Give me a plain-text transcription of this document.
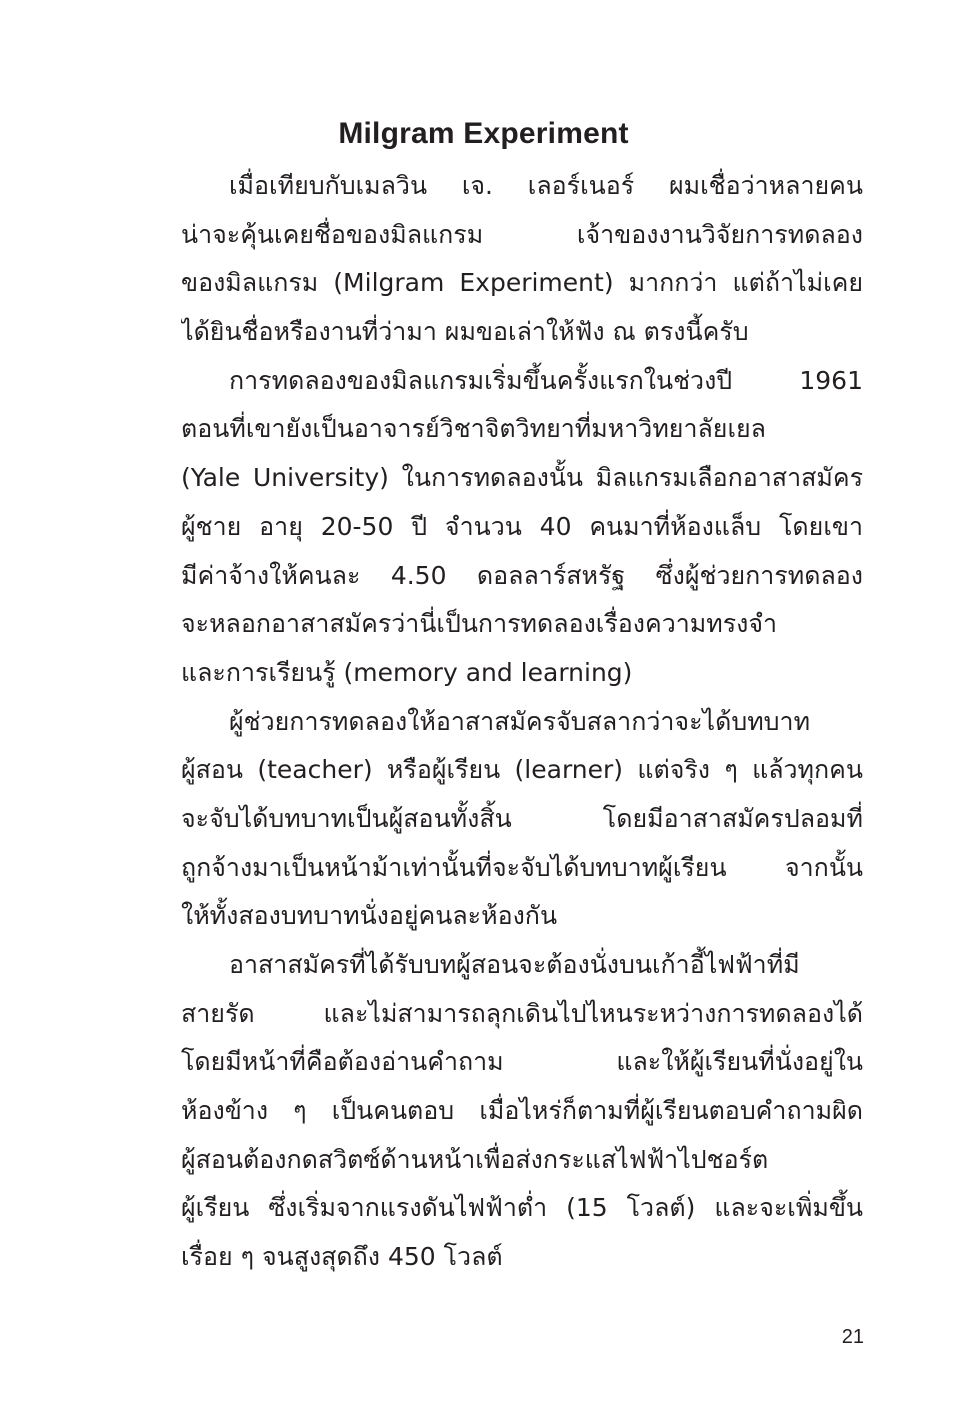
Milgram Experiment
เมื่อเทียบกับเมลวิน เจ. เลอร์เนอร์ ผมเชื่อว่าหลายคน
น่าจะคุ้นเคยชื่อของมิลแกรม เจ้าของงานวิจัยการทดลอง
ของมิลแกรม (Milgram Experiment) มากกว่า แต่ถ้าไม่เคย
ได้ยินชื่อหรืองานที่ว่ามา ผมขอเล่าให้ฟัง ณ ตรงนี้ครับ
การทดลองของมิลแกรมเริ่มขึ้นครั้งแรกในช่วงปี 1961
ตอนที่เขายังเป็นอาจารย์วิชาจิตวิทยาที่มหาวิทยาลัยเยล
(Yale University) ในการทดลองนั้น มิลแกรมเลือกอาสาสมัคร
ผู้ชาย อายุ 20-50 ปี จำนวน 40 คนมาที่ห้องแล็บ โดยเขา
มีค่าจ้างให้คนละ 4.50 ดอลลาร์สหรัฐ ซึ่งผู้ช่วยการทดลอง
จะหลอกอาสาสมัครว่านี่เป็นการทดลองเรื่องความทรงจำ
และการเรียนรู้ (memory and learning)
ผู้ช่วยการทดลองให้อาสาสมัครจับสลากว่าจะได้บทบาท
ผู้สอน (teacher) หรือผู้เรียน (learner) แต่จริง ๆ แล้วทุกคน
จะจับได้บทบาทเป็นผู้สอนทั้งสิ้น โดยมีอาสาสมัครปลอมที่
ถูกจ้างมาเป็นหน้าม้าเท่านั้นที่จะจับได้บทบาทผู้เรียน จากนั้น
ให้ทั้งสองบทบาทนั่งอยู่คนละห้องกัน
อาสาสมัครที่ได้รับบทผู้สอนจะต้องนั่งบนเก้าอี้ไฟฟ้าที่มี
สายรัด และไม่สามารถลุกเดินไปไหนระหว่างการทดลองได้
โดยมีหน้าที่คือต้องอ่านคำถาม และให้ผู้เรียนที่นั่งอยู่ใน
ห้องข้าง ๆ เป็นคนตอบ เมื่อไหร่ก็ตามที่ผู้เรียนตอบคำถามผิด
ผู้สอนต้องกดสวิตซ์ด้านหน้าเพื่อส่งกระแสไฟฟ้าไปชอร์ต
ผู้เรียน ซึ่งเริ่มจากแรงดันไฟฟ้าต่ำ (15 โวลต์) และจะเพิ่มขึ้น
เรื่อย ๆ จนสูงสุดถึง 450 โวลต์
21
